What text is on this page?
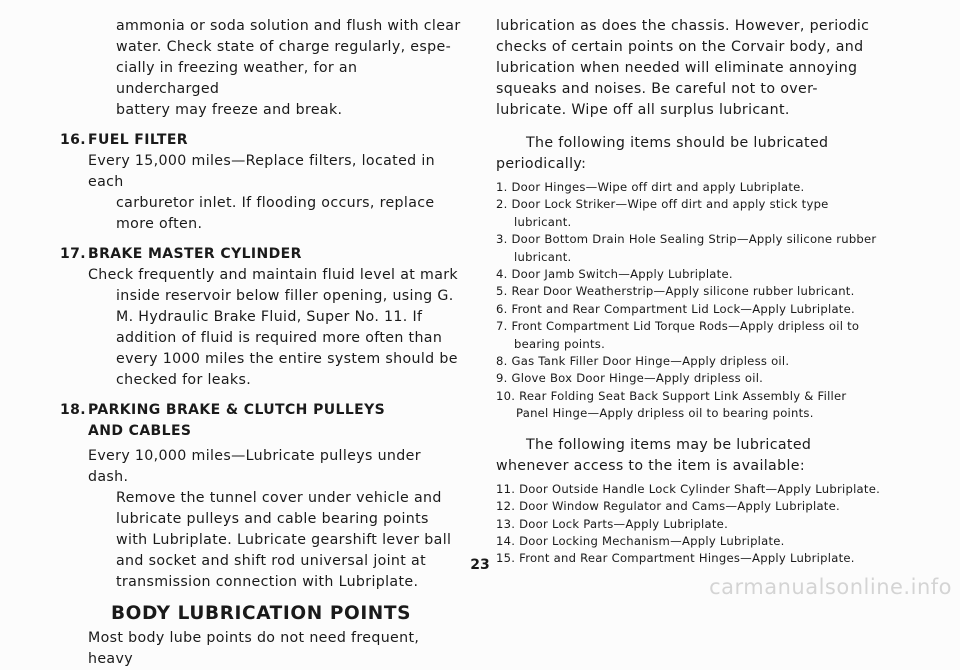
ammonia or soda solution and flush with clear

water. Check state of charge regularly, espe-

cially in freezing weather, for an undercharged

battery may freeze and break.

16. FUEL FILTER

Every 15,000 miles—Replace filters, located in each

carburetor inlet. If flooding occurs, replace more often.

17. BRAKE MASTER CYLINDER

Check frequently and maintain fluid level at mark

inside reservoir below filler opening, using G. M. Hydraulic Brake Fluid, Super No. 11. If addition of fluid is required more often than every 1000 miles the entire system should be checked for leaks.

18. PARKING BRAKE & CLUTCH PULLEYS

AND CABLES

Every 10,000 miles—Lubricate pulleys under dash.

Remove the tunnel cover under vehicle and lubricate pulleys and cable bearing points with Lubriplate. Lubricate gearshift lever ball and socket and shift rod universal joint at transmission connection with Lubriplate.

BODY LUBRICATION POINTS

Most body lube points do not need frequent, heavy

lubrication as does the chassis. However, periodic checks of certain points on the Corvair body, and lubrication when needed will eliminate annoying squeaks and noises. Be careful not to over-lubricate. Wipe off all surplus lubricant.

The following items should be lubricated periodically:

1. Door Hinges—Wipe off dirt and apply Lubriplate.
2. Door Lock Striker—Wipe off dirt and apply stick type lubricant.
3. Door Bottom Drain Hole Sealing Strip—Apply silicone rubber lubricant.
4. Door Jamb Switch—Apply Lubriplate.
5. Rear Door Weatherstrip—Apply silicone rubber lubricant.
6. Front and Rear Compartment Lid Lock—Apply Lubriplate.
7. Front Compartment Lid Torque Rods—Apply dripless oil to bearing points.
8. Gas Tank Filler Door Hinge—Apply dripless oil.
9. Glove Box Door Hinge—Apply dripless oil.
10. Rear Folding Seat Back Support Link Assembly & Filler Panel Hinge—Apply dripless oil to bearing points.

The following items may be lubricated whenever access to the item is available:

11. Door Outside Handle Lock Cylinder Shaft—Apply Lubriplate.
12. Door Window Regulator and Cams—Apply Lubriplate.
13. Door Lock Parts—Apply Lubriplate.
14. Door Locking Mechanism—Apply Lubriplate.
15. Front and Rear Compartment Hinges—Apply Lubriplate.
23
carmanualsonline.info
